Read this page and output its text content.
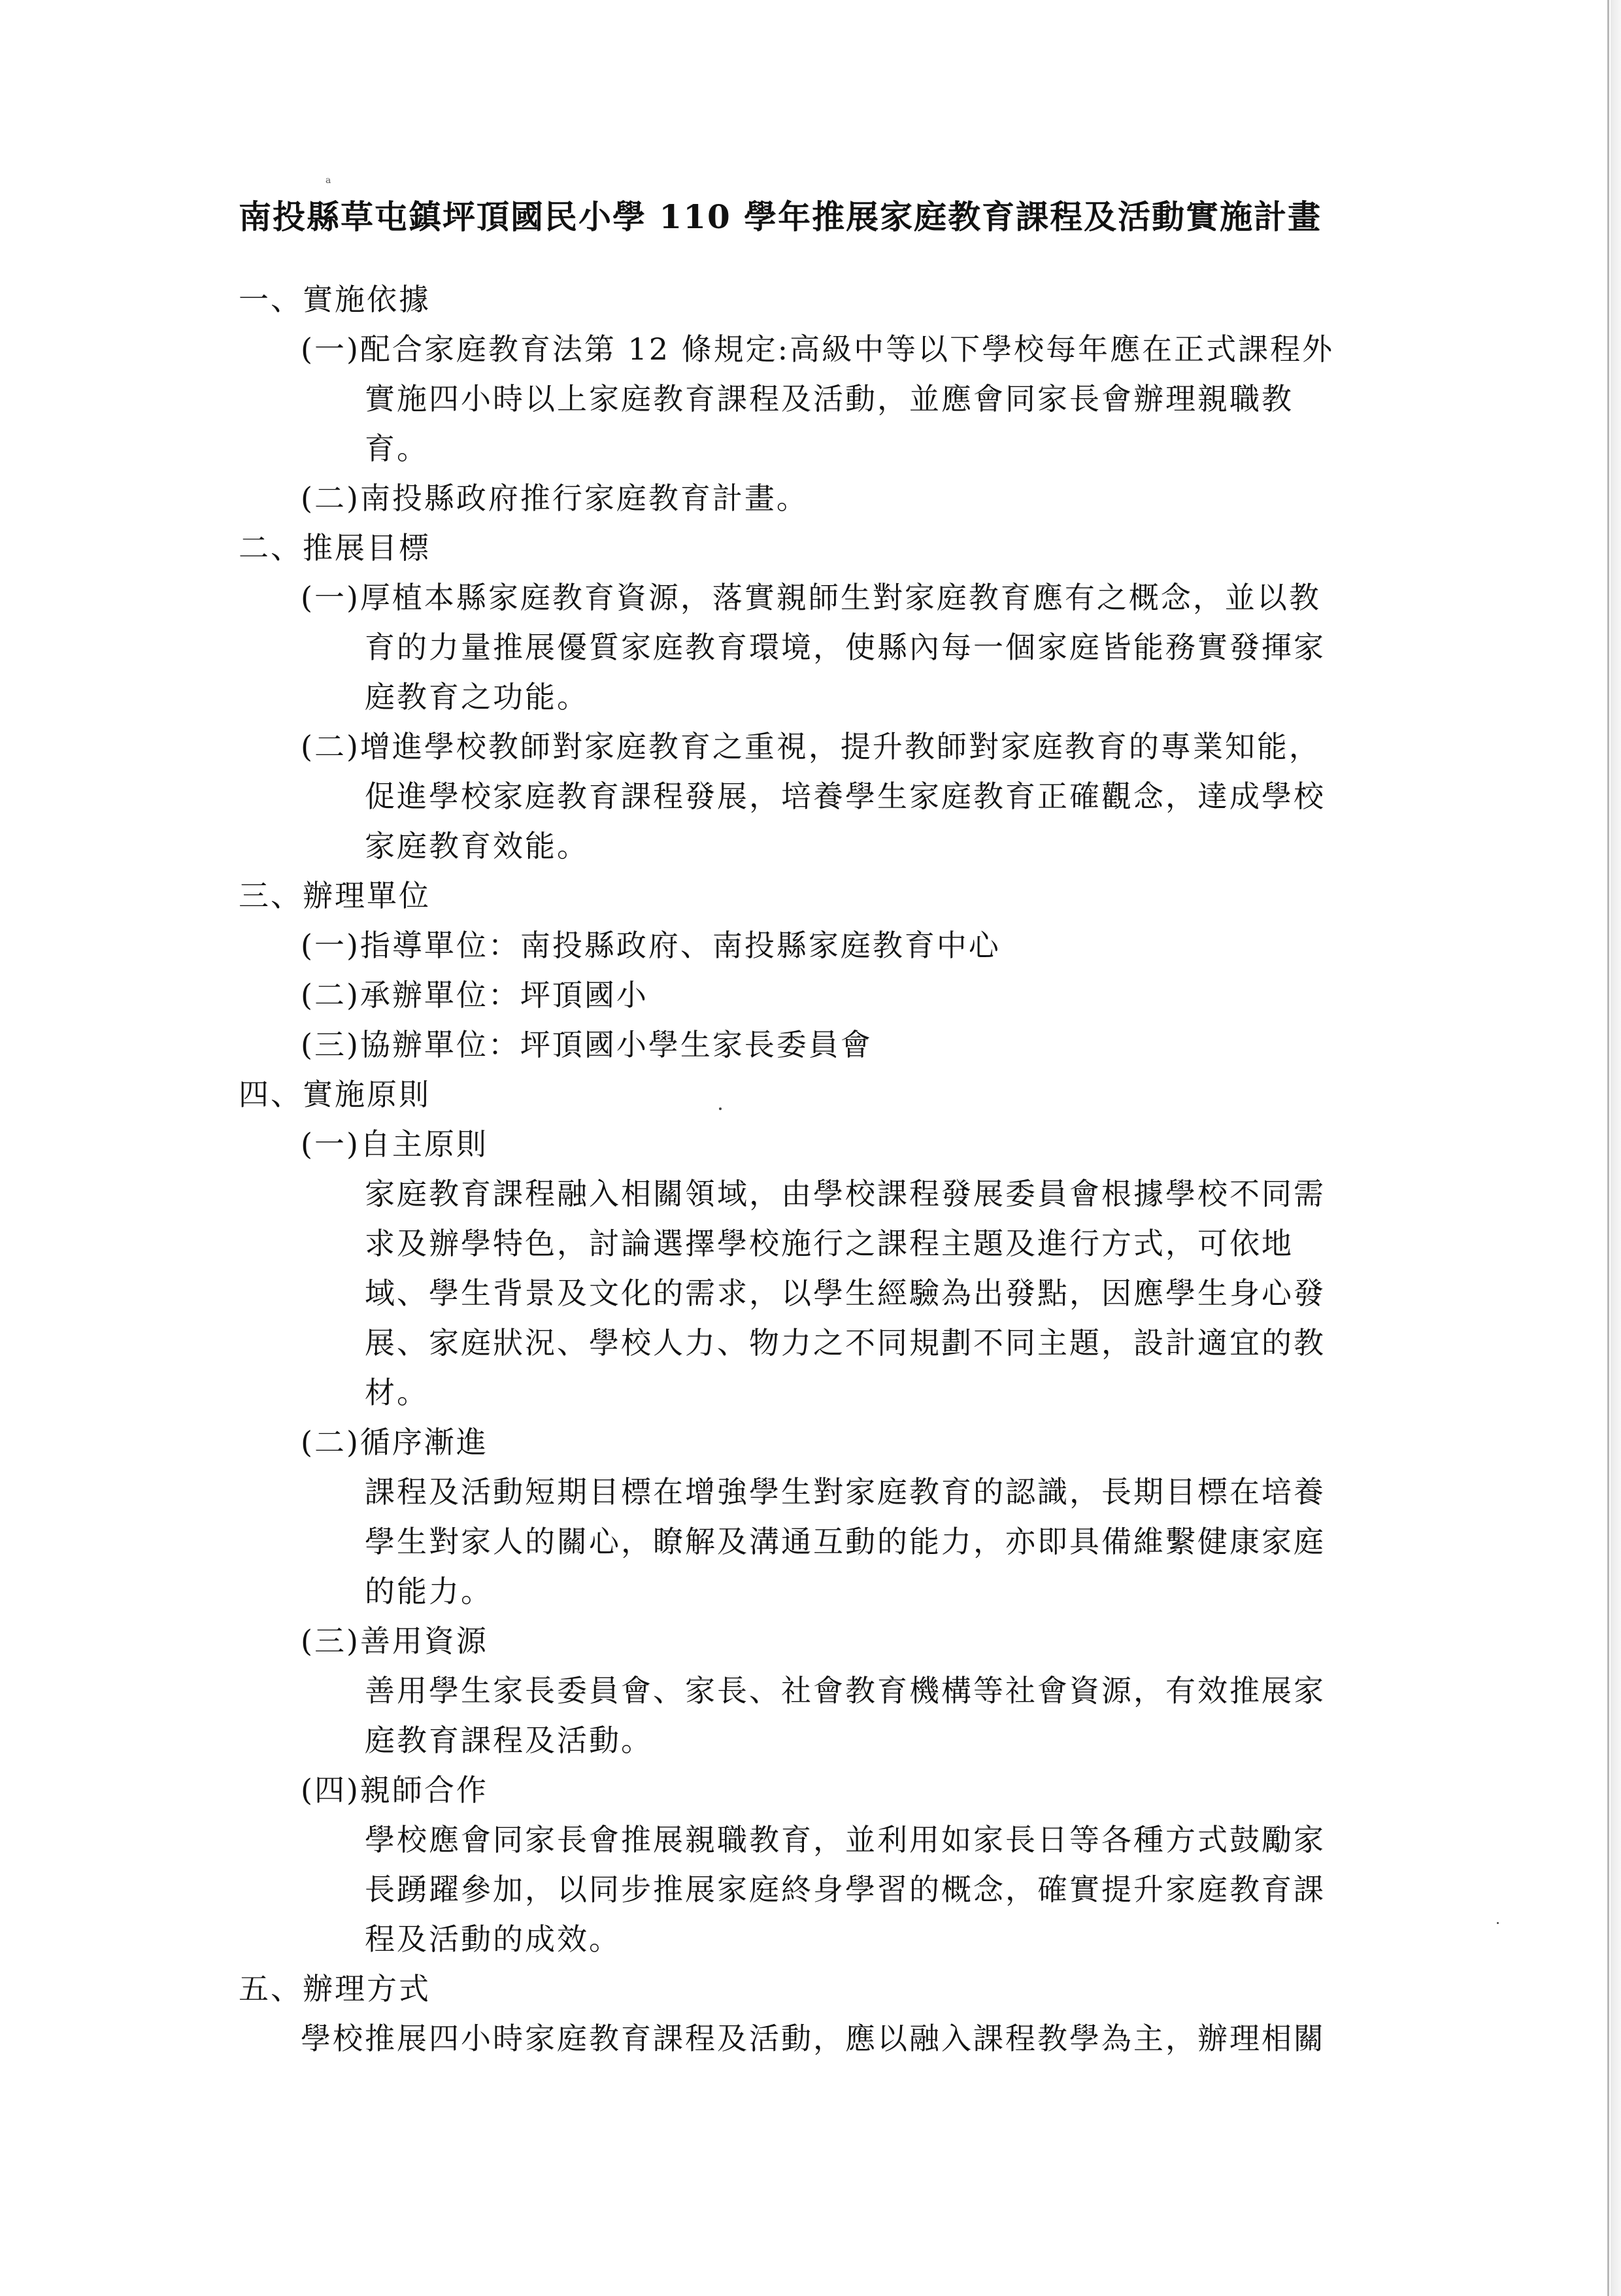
a
南投縣草屯鎮坪頂國民小學 110 學年推展家庭教育課程及活動實施計畫
一、實施依據
(一)配合家庭教育法第 12 條規定:高級中等以下學校每年應在正式課程外
實施四小時以上家庭教育課程及活動，並應會同家長會辦理親職教
育。
(二)南投縣政府推行家庭教育計畫。
二、推展目標
(一)厚植本縣家庭教育資源，落實親師生對家庭教育應有之概念，並以教
育的力量推展優質家庭教育環境，使縣內每一個家庭皆能務實發揮家
庭教育之功能。
(二)增進學校教師對家庭教育之重視，提升教師對家庭教育的專業知能，
促進學校家庭教育課程發展，培養學生家庭教育正確觀念，達成學校
家庭教育效能。
三、辦理單位
(一)指導單位：南投縣政府、南投縣家庭教育中心
(二)承辦單位：坪頂國小
(三)協辦單位：坪頂國小學生家長委員會
四、實施原則
(一)自主原則
家庭教育課程融入相關領域，由學校課程發展委員會根據學校不同需
求及辦學特色，討論選擇學校施行之課程主題及進行方式，可依地
域、學生背景及文化的需求，以學生經驗為出發點，因應學生身心發
展、家庭狀況、學校人力、物力之不同規劃不同主題，設計適宜的教
材。
(二)循序漸進
課程及活動短期目標在增強學生對家庭教育的認識，長期目標在培養
學生對家人的關心，瞭解及溝通互動的能力，亦即具備維繫健康家庭
的能力。
(三)善用資源
善用學生家長委員會、家長、社會教育機構等社會資源，有效推展家
庭教育課程及活動。
(四)親師合作
學校應會同家長會推展親職教育，並利用如家長日等各種方式鼓勵家
長踴躍參加，以同步推展家庭終身學習的概念，確實提升家庭教育課
程及活動的成效。
五、辦理方式
學校推展四小時家庭教育課程及活動，應以融入課程教學為主，辦理相關
